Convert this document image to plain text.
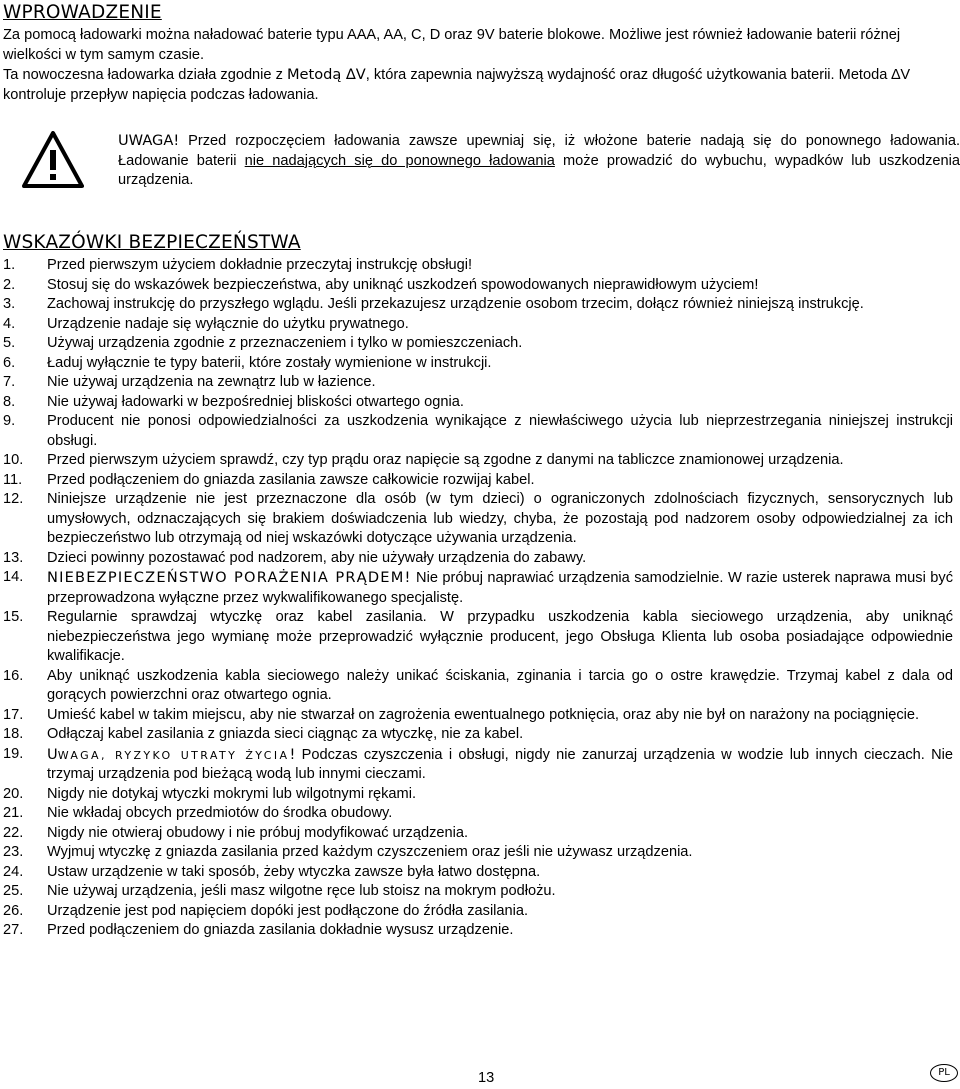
WPROWADZENIE

Za pomocą ładowarki można naładować baterie typu AAA, AA, C, D oraz 9V baterie blokowe. Możliwe jest również ładowanie baterii różnej wielkości w tym samym czasie.

Ta nowoczesna ładowarka działa zgodnie z Metodą ∆V, która zapewnia najwyższą wydajność oraz długość użytkowania baterii. Metoda ∆V kontroluje przepływ napięcia podczas ładowania.

UWAGA! Przed rozpoczęciem ładowania zawsze upewniaj się, iż włożone baterie nadają się do ponownego ładowania. Ładowanie baterii nie nadających się do ponownego ładowania może prowadzić do wybuchu, wypadków lub uszkodzenia urządzenia.
WSKAZÓWKI BEZPIECZEŃSTWA
1.	Przed pierwszym użyciem dokładnie przeczytaj instrukcję obsługi!
2.	Stosuj się do wskazówek bezpieczeństwa, aby uniknąć uszkodzeń spowodowanych nieprawidłowym użyciem!
3.	Zachowaj instrukcję do przyszłego wglądu. Jeśli przekazujesz urządzenie osobom trzecim, dołącz również niniejszą instrukcję.
4.	Urządzenie nadaje się wyłącznie do użytku prywatnego.
5.	Używaj urządzenia zgodnie z przeznaczeniem i tylko w pomieszczeniach.
6.	Ładuj wyłącznie te typy baterii, które zostały wymienione w instrukcji.
7.	Nie używaj urządzenia na zewnątrz lub w łazience.
8.	Nie używaj ładowarki w bezpośredniej bliskości otwartego ognia.
9.	Producent nie ponosi odpowiedzialności za uszkodzenia wynikające z niewłaściwego użycia lub nieprzestrzegania niniejszej instrukcji obsługi.
10.	Przed pierwszym użyciem sprawdź, czy typ prądu oraz napięcie są zgodne z danymi na tabliczce znamionowej urządzenia.
11.	Przed podłączeniem do gniazda zasilania zawsze całkowicie rozwijaj kabel.
12.	Niniejsze urządzenie nie jest przeznaczone dla osób (w tym dzieci) o ograniczonych zdolnościach fizycznych, sensorycznych lub umysłowych, odznaczających się brakiem doświadczenia lub wiedzy, chyba, że pozostają pod nadzorem osoby odpowiedzialnej za ich bezpieczeństwo lub otrzymają od niej wskazówki dotyczące używania urządzenia.
13.	Dzieci powinny pozostawać pod nadzorem, aby nie używały urządzenia do zabawy.
14.	NIEBEZPIECZEŃSTWO PORAŻENIA PRĄDEM! Nie próbuj naprawiać urządzenia samodzielnie. W razie usterek naprawa musi być przeprowadzona wyłączne przez wykwalifikowanego specjalistę.
15.	Regularnie sprawdzaj wtyczkę oraz kabel zasilania. W przypadku uszkodzenia kabla sieciowego urządzenia, aby uniknąć niebezpieczeństwa jego wymianę może przeprowadzić wyłącznie producent, jego Obsługa Klienta lub osoba posiadające odpowiednie kwalifikacje.
16.	Aby uniknąć uszkodzenia kabla sieciowego należy unikać ściskania, zginania i tarcia go o ostre krawędzie. Trzymaj kabel z dala od gorących powierzchni oraz otwartego ognia.
17.	Umieść kabel w takim miejscu, aby nie stwarzał on zagrożenia ewentualnego potknięcia, oraz aby nie był on narażony na pociągnięcie.
18.	Odłączaj kabel zasilania z gniazda sieci ciągnąc za wtyczkę, nie za kabel.
19.	UWAGA, RYZYKO UTRATY ŻYCIA! Podczas czyszczenia i obsługi, nigdy nie zanurzaj urządzenia w wodzie lub innych cieczach. Nie trzymaj urządzenia pod bieżącą wodą lub innymi cieczami.
20.	Nigdy nie dotykaj wtyczki mokrymi lub wilgotnymi rękami.
21.	Nie wkładaj obcych przedmiotów do środka obudowy.
22.	Nigdy nie otwieraj obudowy i nie próbuj modyfikować urządzenia.
23.	Wyjmuj wtyczkę z gniazda zasilania przed każdym czyszczeniem oraz jeśli nie używasz urządzenia.
24.	Ustaw urządzenie w taki sposób, żeby wtyczka zawsze była łatwo dostępna.
25.	Nie używaj urządzenia, jeśli masz wilgotne ręce lub stoisz na mokrym podłożu.
26.	Urządzenie jest pod napięciem dopóki jest podłączone do źródła zasilania.
27.	Przed podłączeniem do gniazda zasilania dokładnie wysusz urządzenie.
13	PL
